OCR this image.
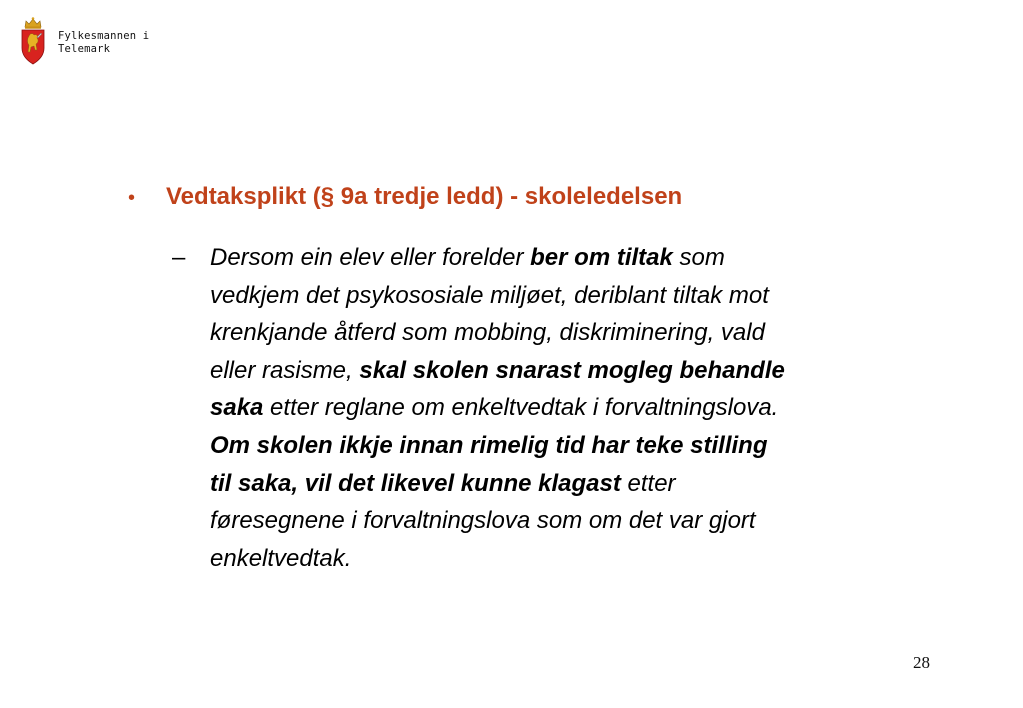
Fylkesmannen i
Telemark
•	Vedtaksplikt (§ 9a tredje ledd) - skoleledelsen
–	Dersom ein elev eller forelder ber om tiltak som
vedkjem det psykososiale miljøet, deriblant tiltak mot
krenkjande åtferd som mobbing, diskriminering, vald
eller rasisme, skal skolen snarast mogleg behandle
saka etter reglane om enkeltvedtak i forvaltningslova.
Om skolen ikkje innan rimelig tid har teke stilling
til saka, vil det likevel kunne klagast etter
føresegnene i forvaltningslova som om det var gjort
enkeltvedtak.
28
